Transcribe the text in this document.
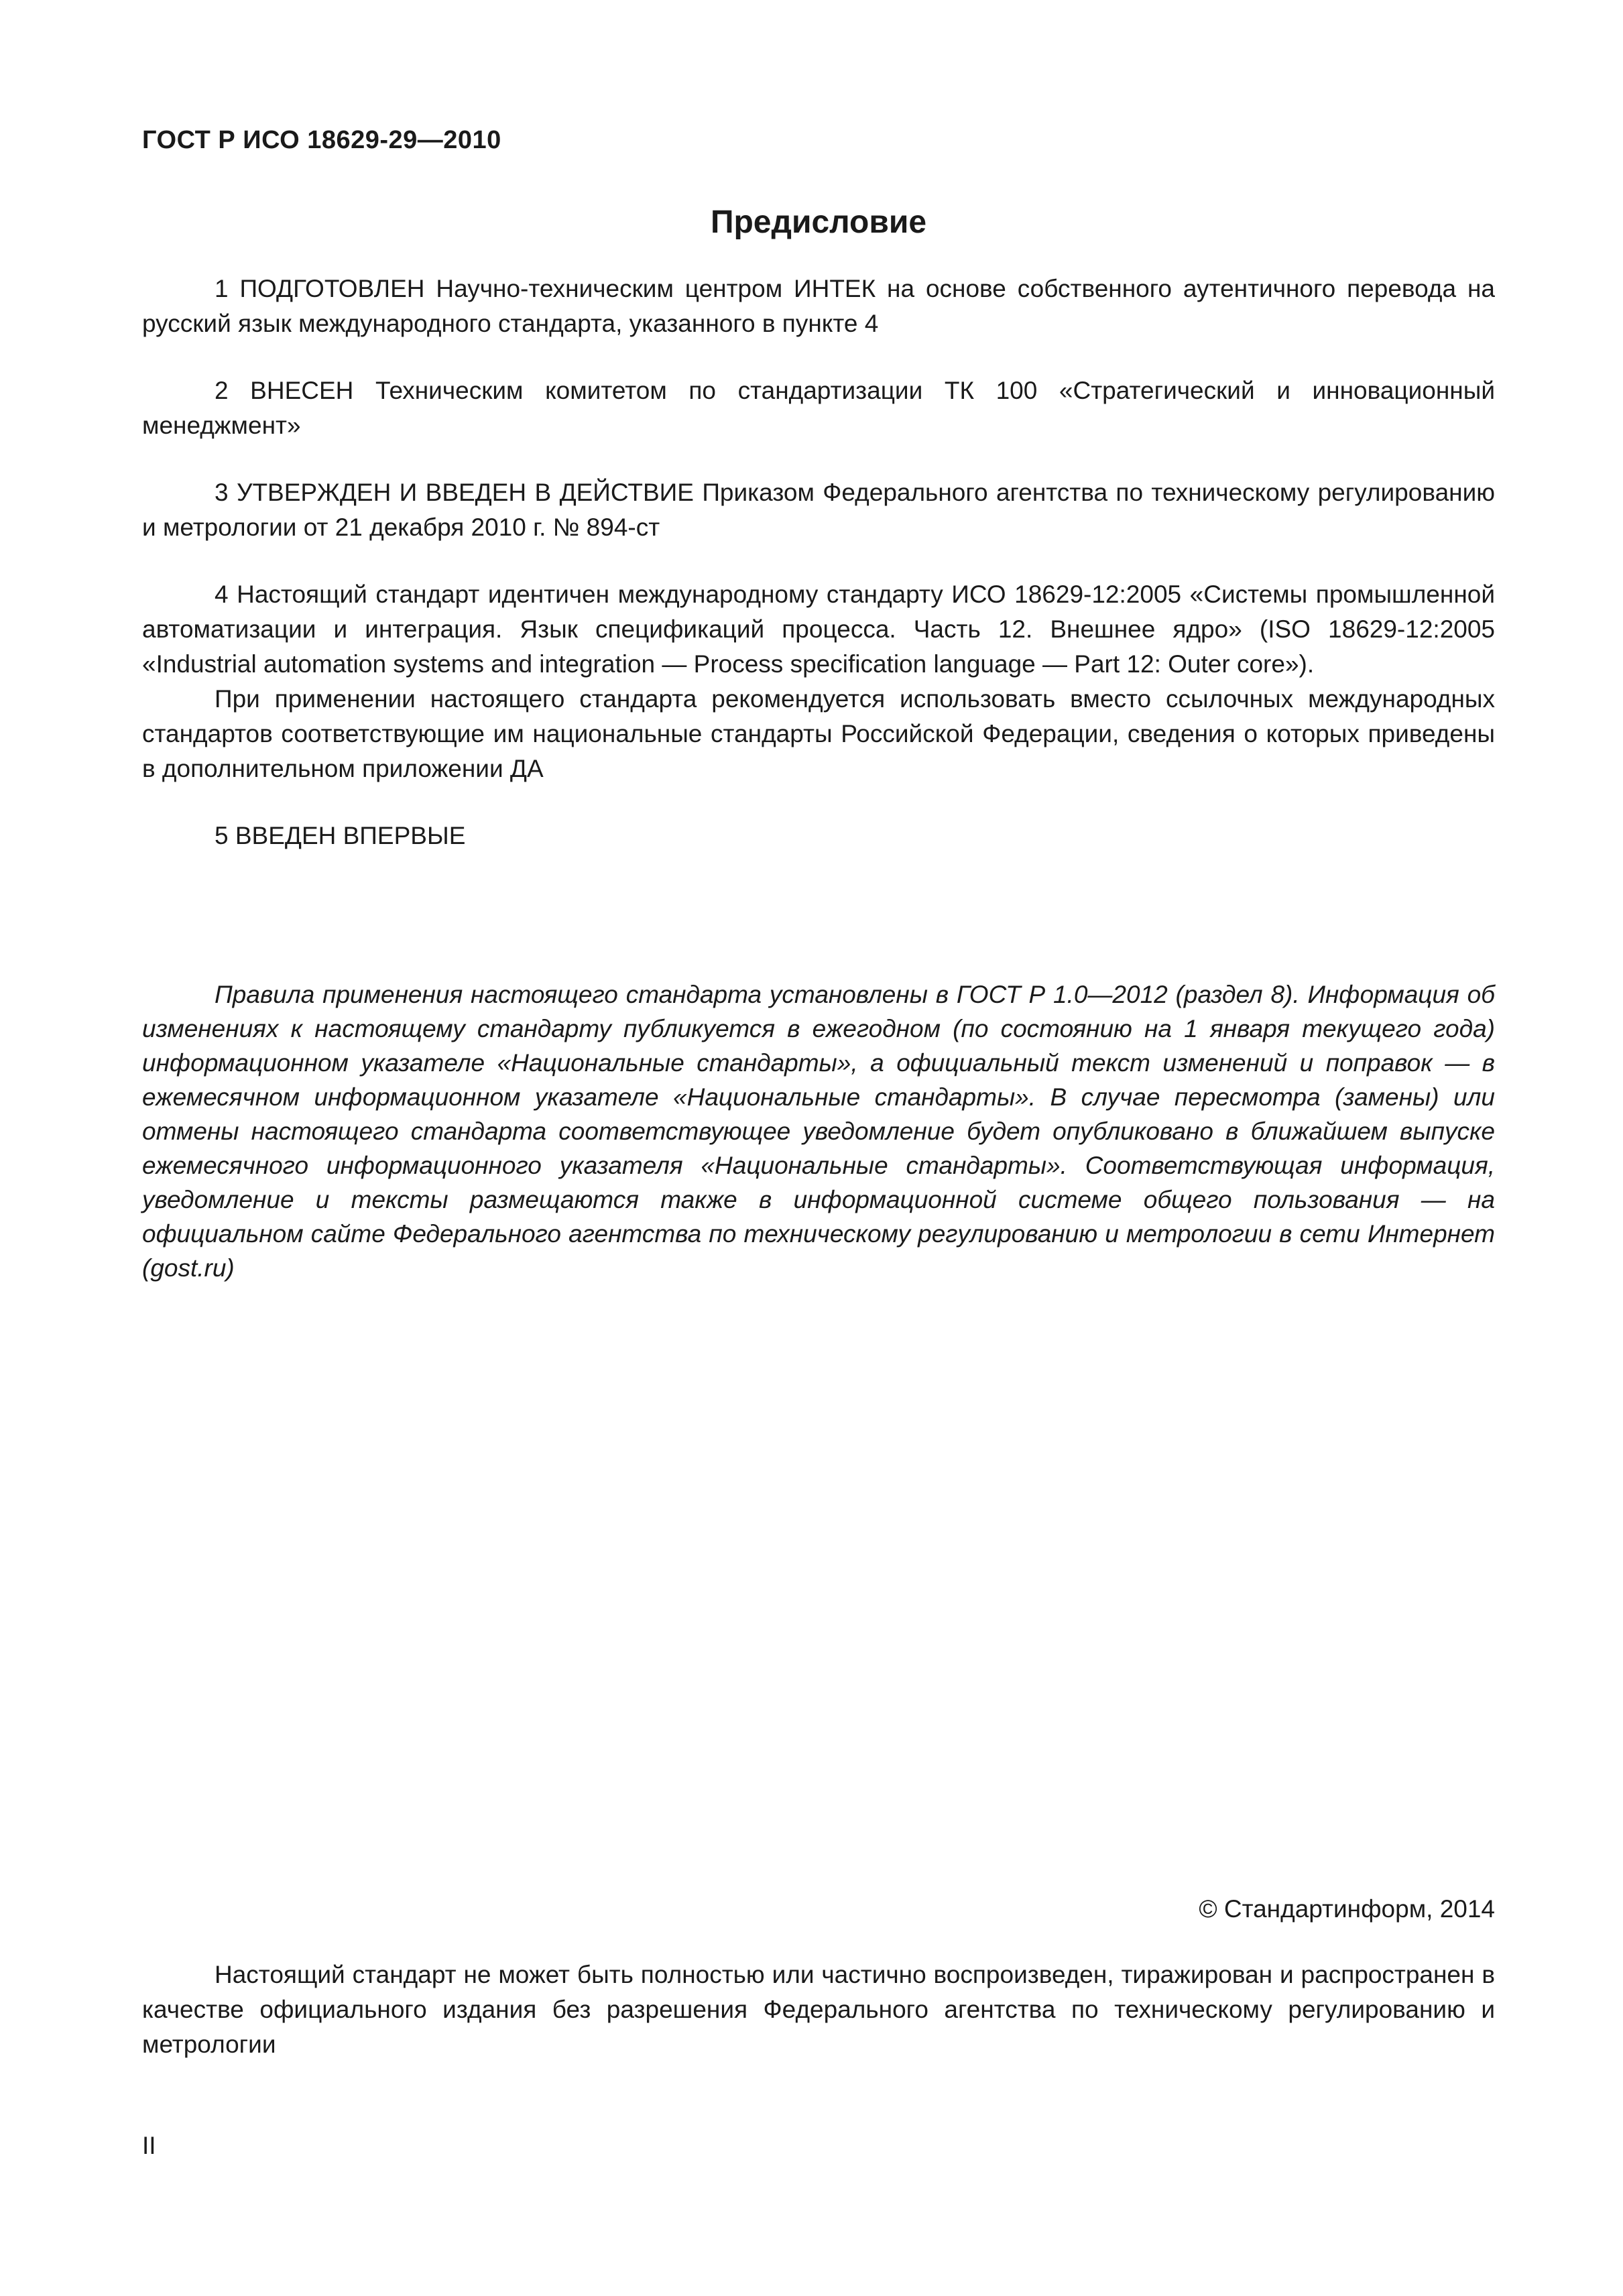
ГОСТ Р ИСО 18629-29—2010
Предисловие

1 ПОДГОТОВЛЕН Научно-техническим центром ИНТЕК на основе собственного аутентичного перевода на русский язык международного стандарта, указанного в пункте 4

2 ВНЕСЕН Техническим комитетом по стандартизации ТК 100 «Стратегический и инновационный менеджмент»

3 УТВЕРЖДЕН И ВВЕДЕН В ДЕЙСТВИЕ Приказом Федерального агентства по техническому регулированию и метрологии от 21 декабря 2010 г. № 894-ст

4 Настоящий стандарт идентичен международному стандарту ИСО 18629-12:2005 «Системы промышленной автоматизации и интеграция. Язык спецификаций процесса. Часть 12. Внешнее ядро» (ISO 18629-12:2005 «Industrial automation systems and integration — Process specification language — Part 12: Outer core»).

При применении настоящего стандарта рекомендуется использовать вместо ссылочных международных стандартов соответствующие им национальные стандарты Российской Федерации, сведения о которых приведены в дополнительном приложении ДА

5 ВВЕДЕН ВПЕРВЫЕ

Правила применения настоящего стандарта установлены в ГОСТ Р 1.0—2012 (раздел 8). Информация об изменениях к настоящему стандарту публикуется в ежегодном (по состоянию на 1 января текущего года) информационном указателе «Национальные стандарты», а официальный текст изменений и поправок — в ежемесячном информационном указателе «Национальные стандарты». В случае пересмотра (замены) или отмены настоящего стандарта соответствующее уведомление будет опубликовано в ближайшем выпуске ежемесячного информационного указателя «Национальные стандарты». Соответствующая информация, уведомление и тексты размещаются также в информационной системе общего пользования — на официальном сайте Федерального агентства по техническому регулированию и метрологии в сети Интернет (gost.ru)

© Стандартинформ, 2014

Настоящий стандарт не может быть полностью или частично воспроизведен, тиражирован и распространен в качестве официального издания без разрешения Федерального агентства по техническому регулированию и метрологии

II
